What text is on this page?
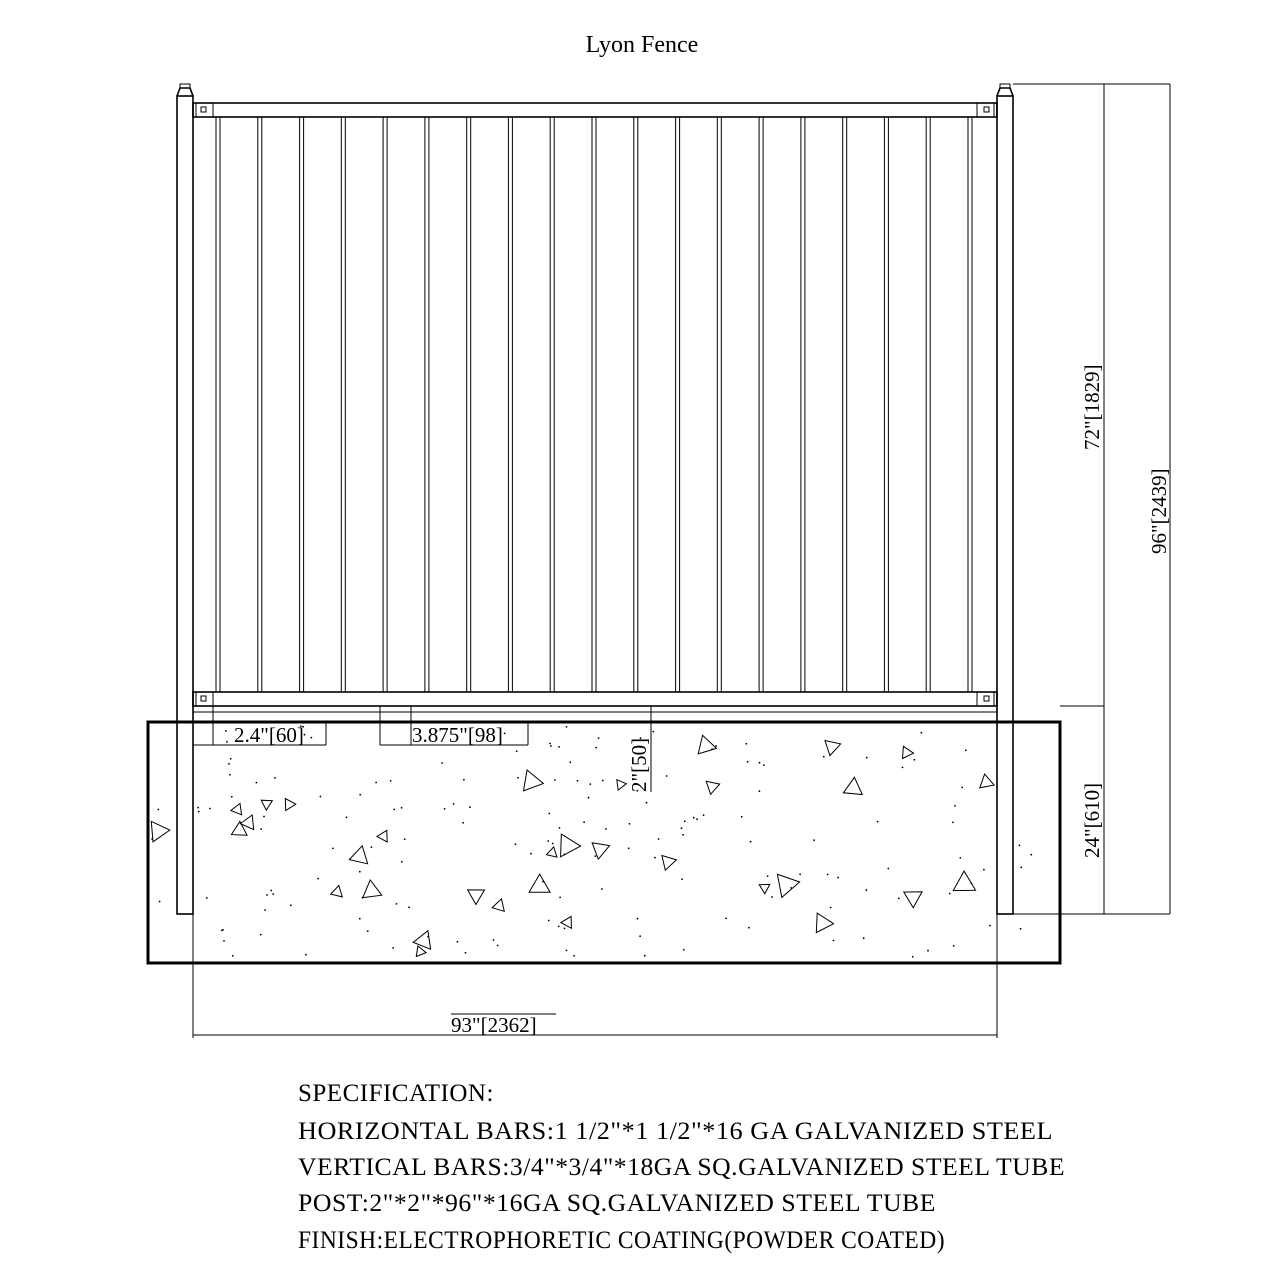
Lyon Fence
2.4"[60]	3.875"[98]
2"[50]
93"[2362]
72"[1829]
24"[610]
96"[2439]
SPECIFICATION:
HORIZONTAL BARS:1 1/2"*1 1/2"*16 GA GALVANIZED STEEL
VERTICAL BARS:3/4"*3/4"*18GA SQ.GALVANIZED STEEL TUBE
POST:2"*2"*96"*16GA SQ.GALVANIZED STEEL TUBE
FINISH:ELECTROPHORETIC COATING(POWDER COATED)
